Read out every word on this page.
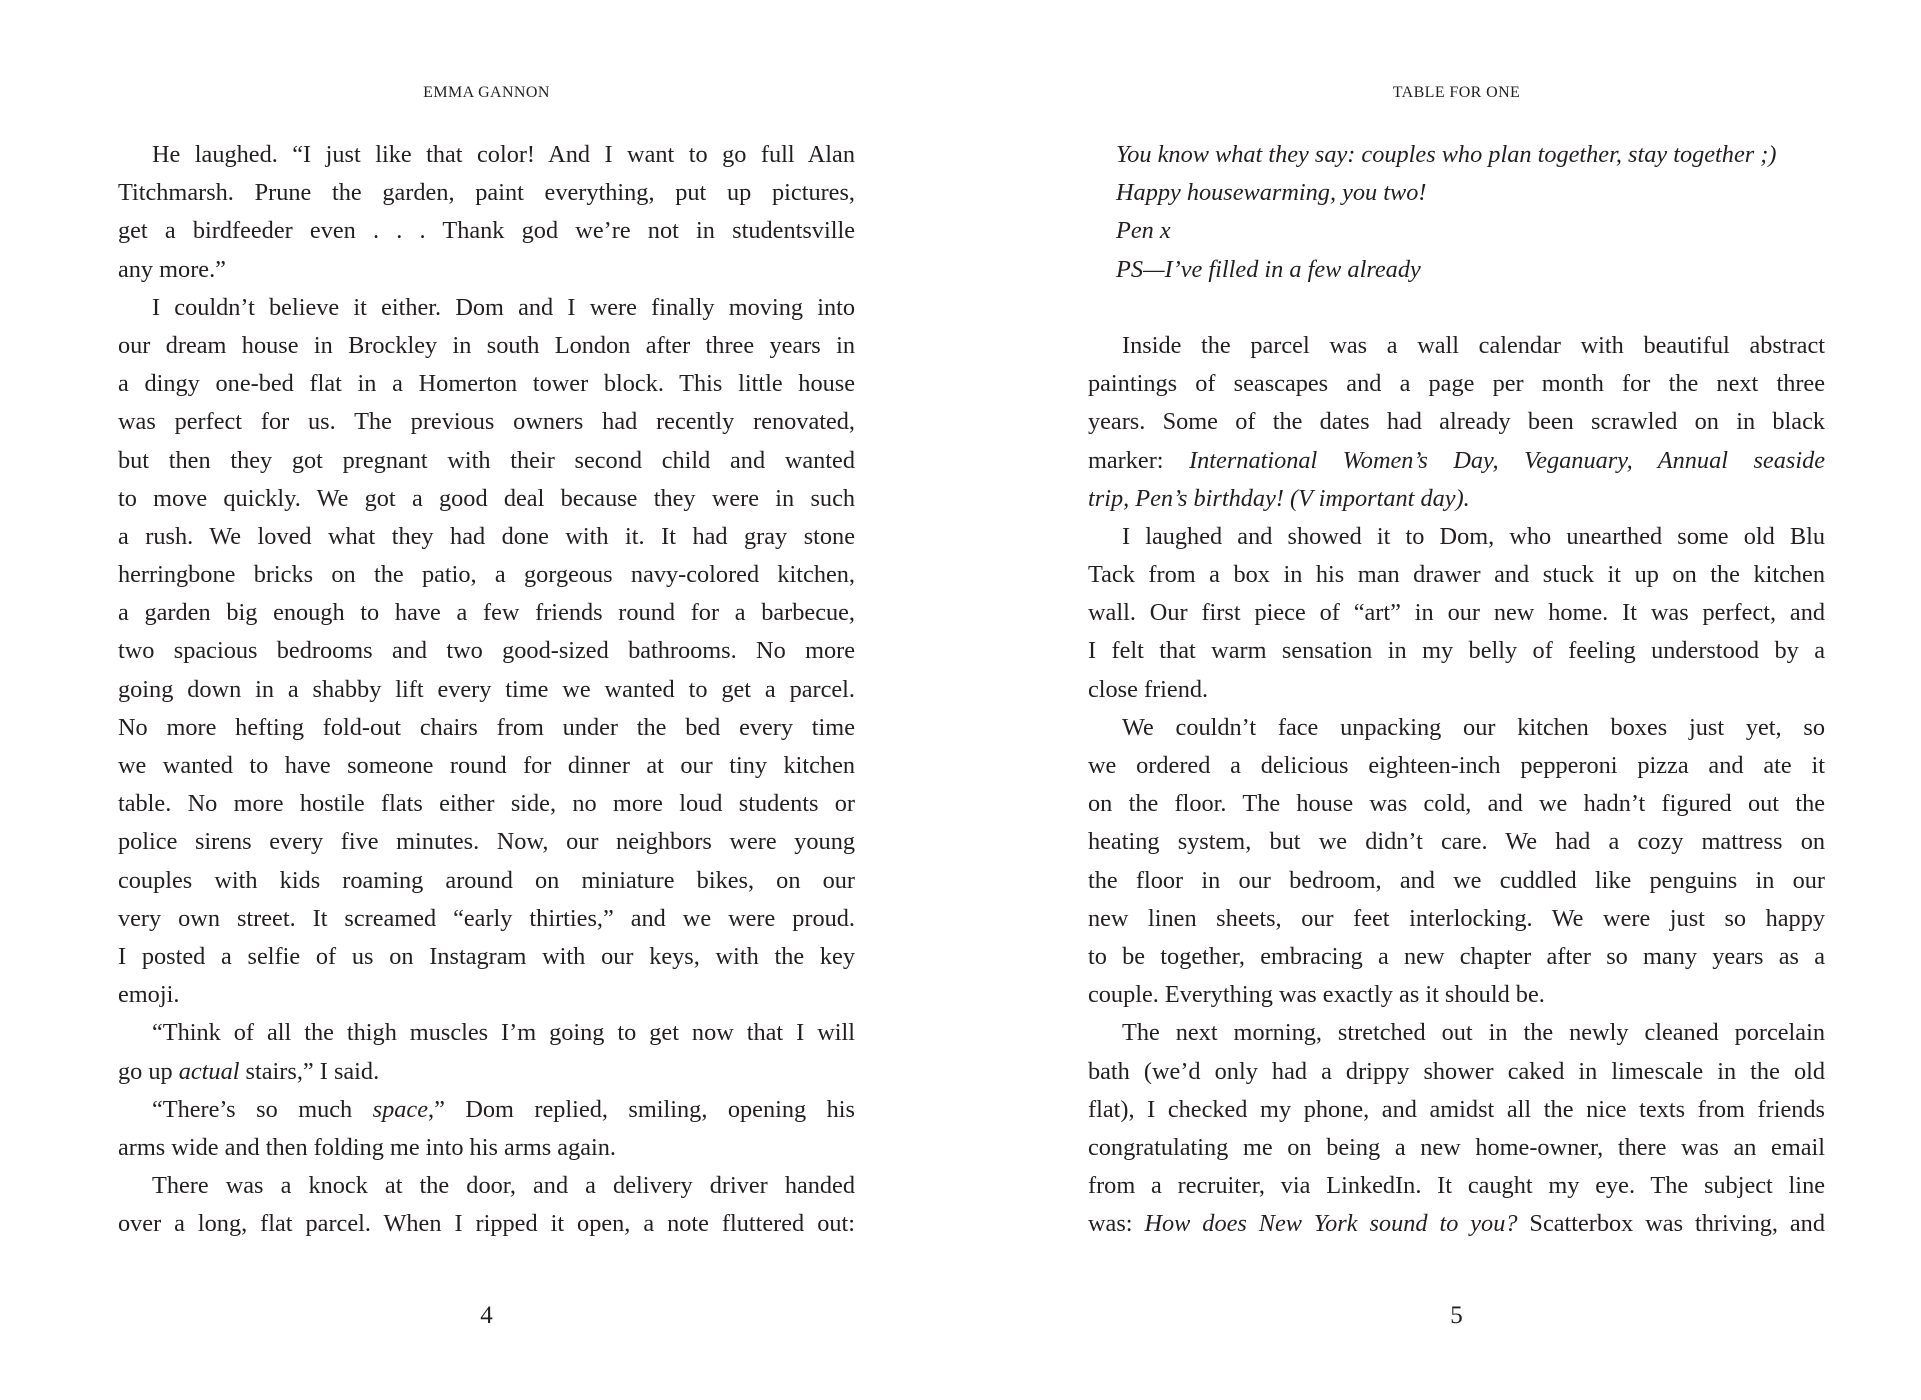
EMMA GANNON
He laughed. “I just like that color! And I want to go full Alan
Titchmarsh. Prune the garden, paint everything, put up pictures,
get a birdfeeder even . . . Thank god we’re not in studentsville
any more.”
I couldn’t believe it either. Dom and I were finally moving into
our dream house in Brockley in south London after three years in
a dingy one-bed flat in a Homerton tower block. This little house
was perfect for us. The previous owners had recently renovated,
but then they got pregnant with their second child and wanted
to move quickly. We got a good deal because they were in such
a rush. We loved what they had done with it. It had gray stone
herringbone bricks on the patio, a gorgeous navy-colored kitchen,
a garden big enough to have a few friends round for a barbecue,
two spacious bedrooms and two good-sized bathrooms. No more
going down in a shabby lift every time we wanted to get a parcel.
No more hefting fold-out chairs from under the bed every time
we wanted to have someone round for dinner at our tiny kitchen
table. No more hostile flats either side, no more loud students or
police sirens every five minutes. Now, our neighbors were young
couples with kids roaming around on miniature bikes, on our
very own street. It screamed “early thirties,” and we were proud.
I posted a selfie of us on Instagram with our keys, with the key
emoji.
“Think of all the thigh muscles I’m going to get now that I will
go up actual stairs,” I said.
“There’s so much space,” Dom replied, smiling, opening his
arms wide and then folding me into his arms again.
There was a knock at the door, and a delivery driver handed
over a long, flat parcel. When I ripped it open, a note fluttered out:
4
TABLE FOR ONE
You know what they say: couples who plan together, stay together ;)
Happy housewarming, you two!
Pen x
PS—I’ve filled in a few already
Inside the parcel was a wall calendar with beautiful abstract
paintings of seascapes and a page per month for the next three
years. Some of the dates had already been scrawled on in black
marker: International Women’s Day, Veganuary, Annual seaside
trip, Pen’s birthday! (V important day).
I laughed and showed it to Dom, who unearthed some old Blu
Tack from a box in his man drawer and stuck it up on the kitchen
wall. Our first piece of “art” in our new home. It was perfect, and
I felt that warm sensation in my belly of feeling understood by a
close friend.
We couldn’t face unpacking our kitchen boxes just yet, so
we ordered a delicious eighteen-inch pepperoni pizza and ate it
on the floor. The house was cold, and we hadn’t figured out the
heating system, but we didn’t care. We had a cozy mattress on
the floor in our bedroom, and we cuddled like penguins in our
new linen sheets, our feet interlocking. We were just so happy
to be together, embracing a new chapter after so many years as a
couple. Everything was exactly as it should be.
The next morning, stretched out in the newly cleaned porcelain
bath (we’d only had a drippy shower caked in limescale in the old
flat), I checked my phone, and amidst all the nice texts from friends
congratulating me on being a new home-owner, there was an email
from a recruiter, via LinkedIn. It caught my eye. The subject line
was: How does New York sound to you? Scatterbox was thriving, and
5
